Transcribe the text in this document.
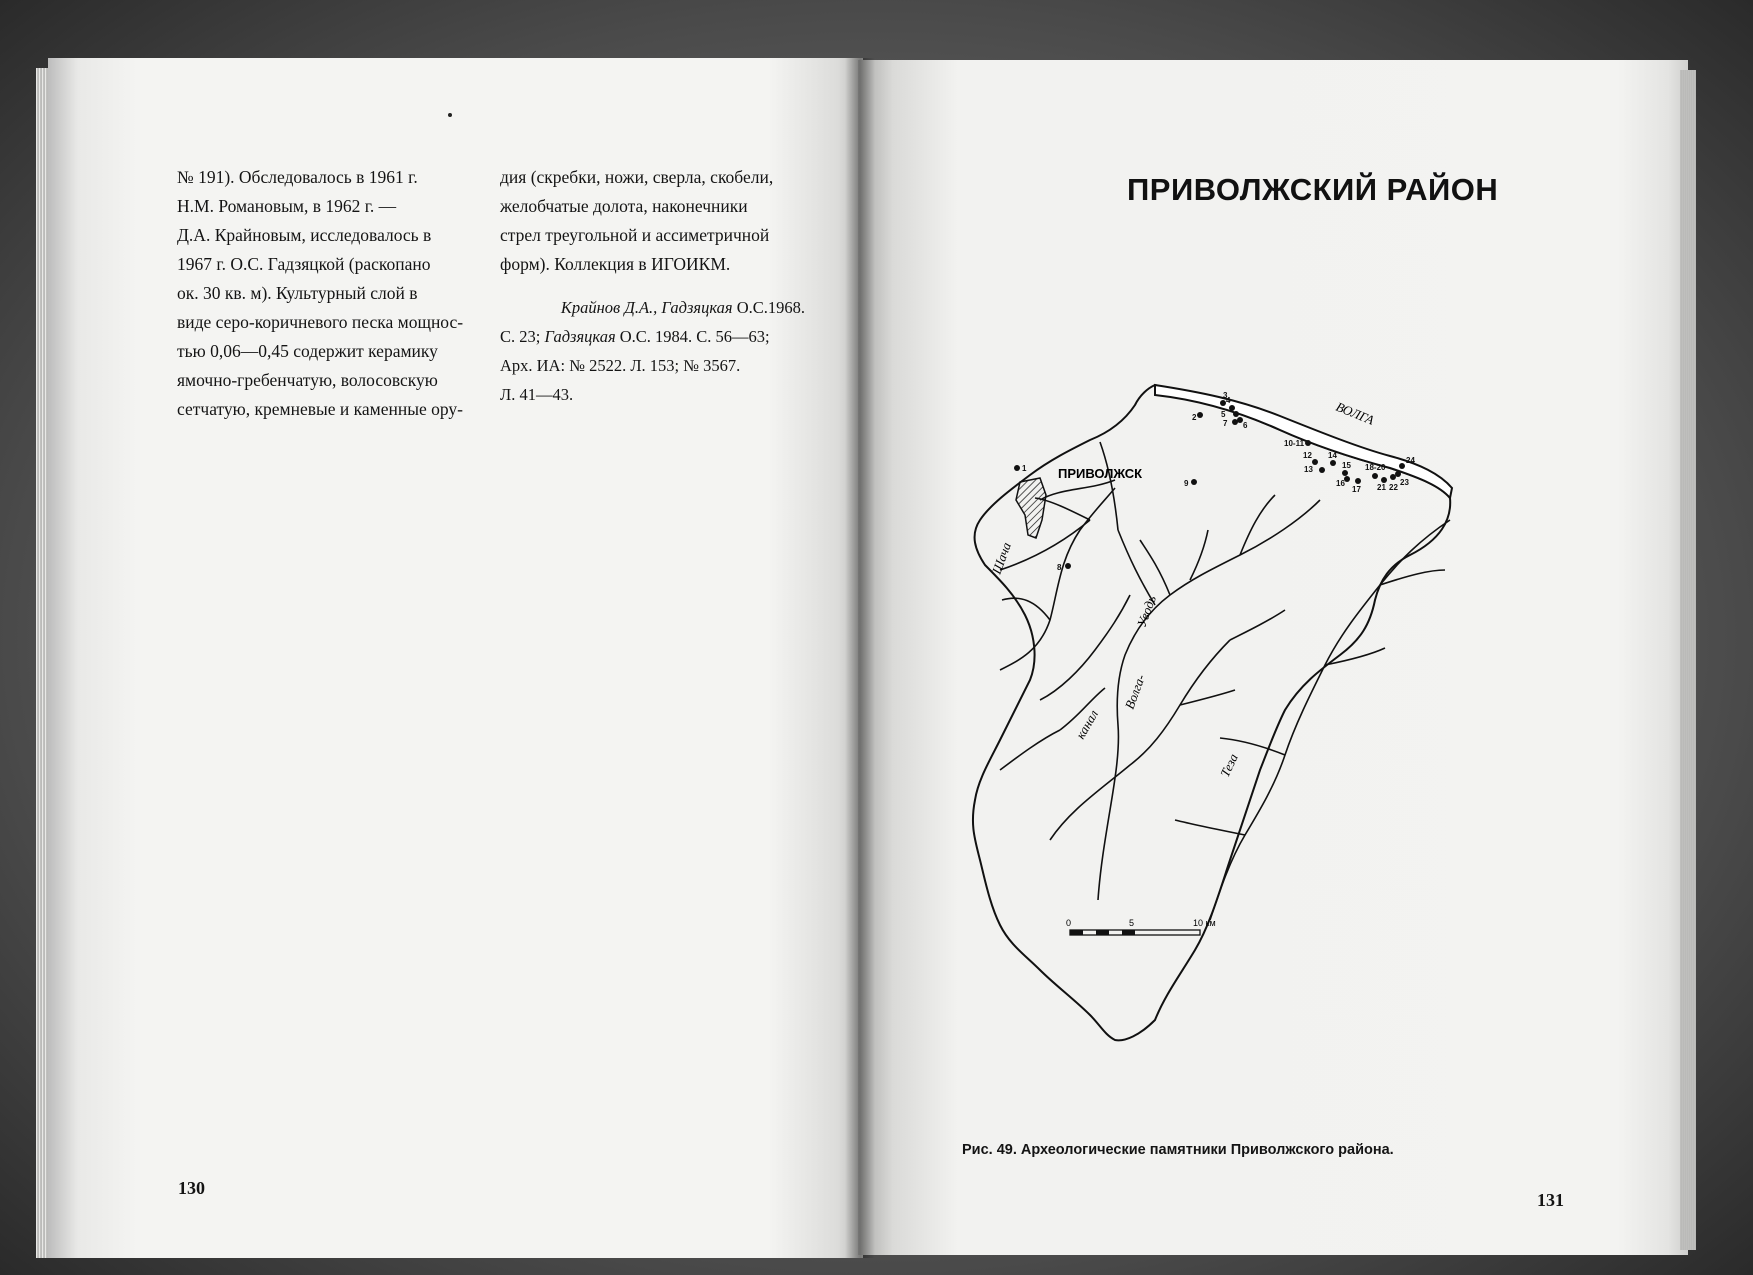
№ 191). Обследовалось в 1961 г.

Н.М. Романовым, в 1962 г. —

Д.А. Крайновым, исследовалось в

1967 г. О.С. Гадзяцкой (раскопано

ок. 30 кв. м). Культурный слой в

виде серо-коричневого песка мощнос-

тью 0,06—0,45 содержит керамику

ямочно-гребенчатую, волосовскую

сетчатую, кремневые и каменные ору-

дия (скребки, ножи, сверла, скобели,

желобчатые долота, наконечники

стрел треугольной и ассиметричной

форм). Коллекция в ИГОИКМ.

Крайнов Д.А., Гадзяцкая О.С.1968.
С. 23; Гадзяцкая О.С. 1984. С. 56—63;
Арх. ИА: № 2522. Л. 153; № 3567.
Л. 41—43.
130
ПРИВОЛЖСКИЙ РАЙОН
ПРИВОЛЖСК
ВОЛГА
Шача
Уводь
Волга-
канал
Теза
1
2
3
4
5
6
7
8
9
10-11
12
13
14
15
16
17
18-20
21 22
23
24
0	5	10 км
Рис. 49. Археологические памятники Приволжского района.
131
